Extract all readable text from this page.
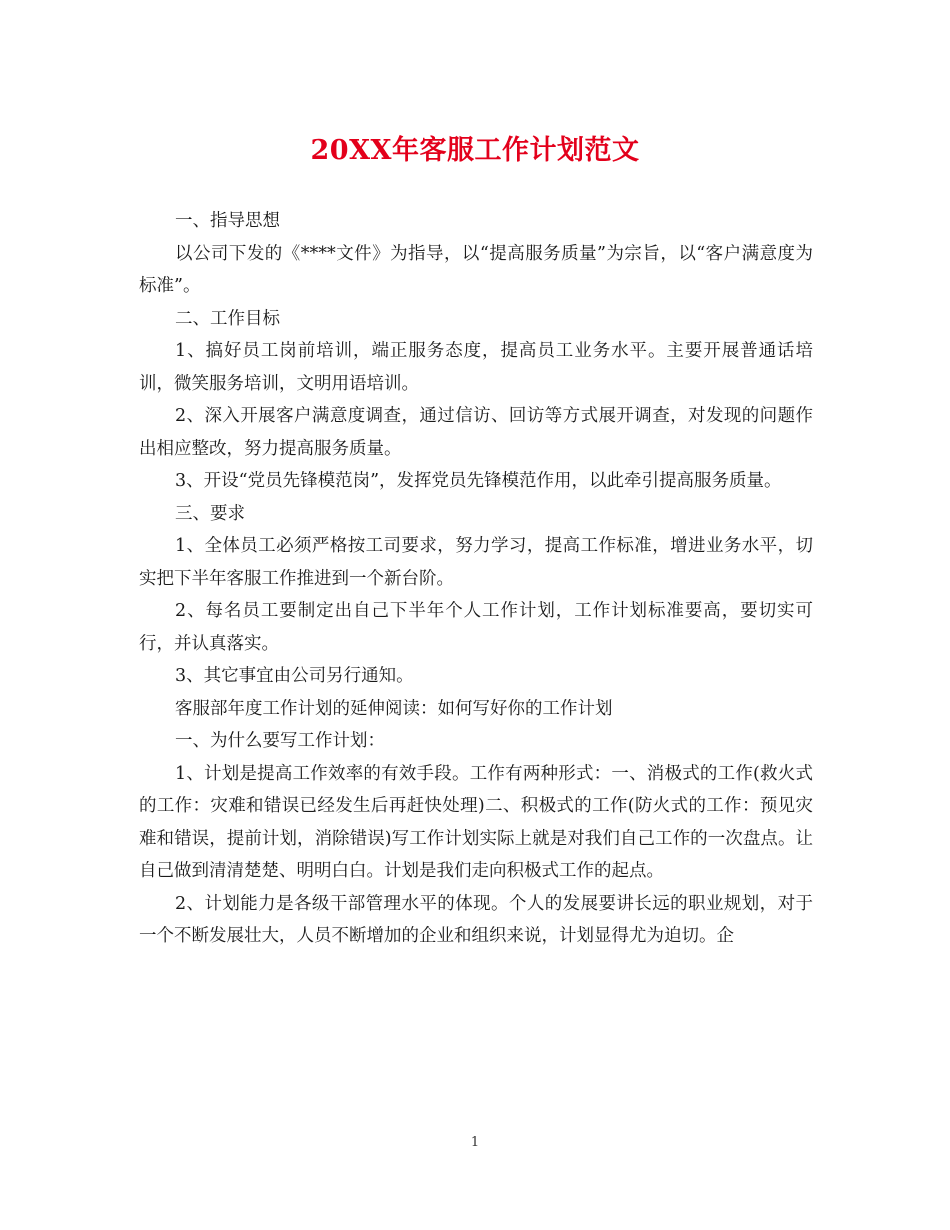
20XX年客服工作计划范文

一、指导思想

以公司下发的《****文件》为指导，以“提高服务质量”为宗旨，以“客户满意度为标准”。

二、工作目标

1、搞好员工岗前培训，端正服务态度，提高员工业务水平。主要开展普通话培训，微笑服务培训，文明用语培训。

2、深入开展客户满意度调查，通过信访、回访等方式展开调查，对发现的问题作出相应整改，努力提高服务质量。

3、开设“党员先锋模范岗”，发挥党员先锋模范作用，以此牵引提高服务质量。

三、要求

1、全体员工必须严格按工司要求，努力学习，提高工作标准，增进业务水平，切实把下半年客服工作推进到一个新台阶。

2、每名员工要制定出自己下半年个人工作计划，工作计划标准要高，要切实可行，并认真落实。

3、其它事宜由公司另行通知。

客服部年度工作计划的延伸阅读：如何写好你的工作计划

一、为什么要写工作计划：

1、计划是提高工作效率的有效手段。工作有两种形式：一、消极式的工作(救火式的工作：灾难和错误已经发生后再赶快处理)二、积极式的工作(防火式的工作：预见灾难和错误，提前计划，消除错误)写工作计划实际上就是对我们自己工作的一次盘点。让自己做到清清楚楚、明明白白。计划是我们走向积极式工作的起点。

2、计划能力是各级干部管理水平的体现。个人的发展要讲长远的职业规划，对于一个不断发展壮大，人员不断增加的企业和组织来说，计划显得尤为迫切。企

1
